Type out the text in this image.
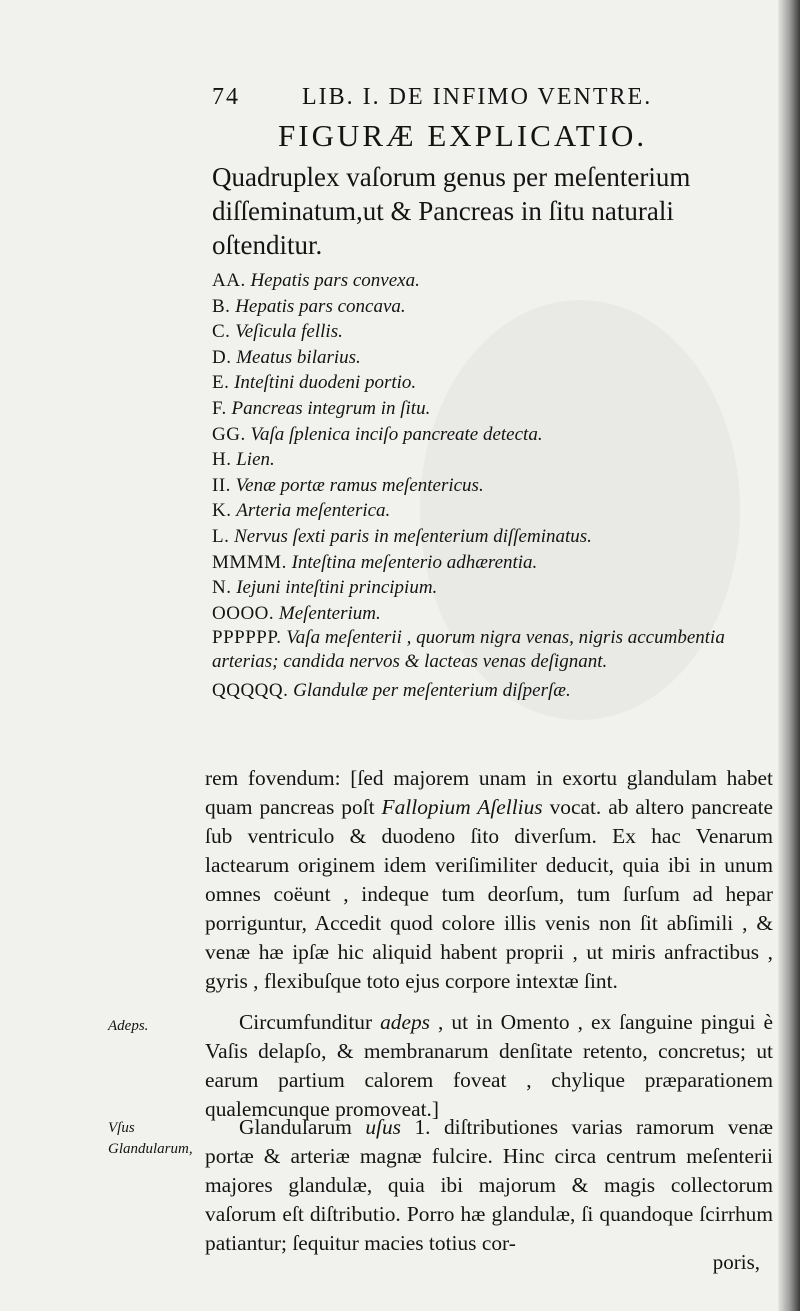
74	LIB. I. DE INFIMO VENTRE.
FIGURÆ EXPLICATIO.
Quadruplex vaſorum genus per meſenterium diſſeminatum,ut & Pancreas in ſitu naturali oſtenditur.
AA. Hepatis pars convexa.
B. Hepatis pars concava.
C. Veſicula fellis.
D. Meatus bilarius.
E. Inteſtini duodeni portio.
F. Pancreas integrum in ſitu.
GG. Vaſa ſplenica inciſo pancreate detecta.
H. Lien.
II. Venæ portæ ramus meſentericus.
K. Arteria meſenterica.
L. Nervus ſexti paris in meſenterium diſſeminatus.
MMMM. Inteſtina meſenterio adhærentia.
N. Iejuni inteſtini principium.
OOOO. Meſenterium.
PPPPPP. Vaſa meſenterii , quorum nigra venas, nigris accumbentia arterias; candida nervos & lacteas venas deſignant.
QQQQQ. Glandulæ per meſenterium diſperſæ.

rem fovendum: [ſed majorem unam in exortu glandulam habet quam pancreas poſt Fallopium Aſellius vocat. ab altero pancreate ſub ventriculo & duodeno ſito diverſum. Ex hac Venarum lactearum originem idem veriſimiliter deducit, quia ibi in unum omnes coëunt , indeque tum deorſum, tum ſurſum ad hepar porriguntur, Accedit quod colore illis venis non ſit abſimili , & venæ hæ ipſæ hic aliquid habent proprii , ut miris anfractibus , gyris , flexibuſque toto ejus corpore intextæ ſint.

Adeps.	Circumfunditur adeps , ut in Omento , ex ſanguine pingui è Vaſis delapſo, & membranarum denſitate retento, concretus; ut earum partium calorem foveat , chylique præparationem qualemcunque promoveat.]

Vſus Glandularum,

Glandularum uſus 1. diſtributiones varias ramorum venæ portæ & arteriæ magnæ fulcire. Hinc circa centrum meſenterii majores glandulæ, quia ibi majorum & magis collectorum vaſorum eſt diſtributio. Porro hæ glandulæ, ſi quandoque ſcirrhum patiantur; ſequitur macies totius cor-

poris,
